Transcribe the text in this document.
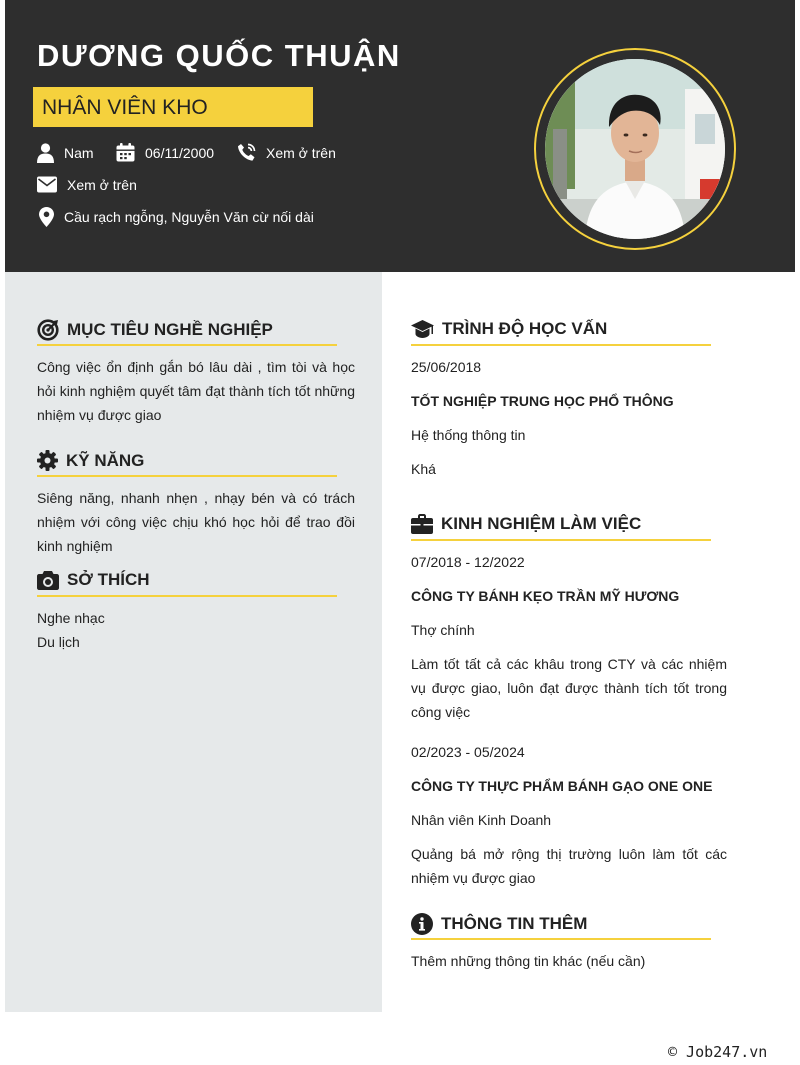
DƯƠNG QUỐC THUẬN
NHÂN VIÊN KHO
Nam	06/11/2000	Xem ở trên
Xem ở trên
Cầu rạch ngỗng, Nguyễn Văn cừ nối dài
MỤC TIÊU NGHỀ NGHIỆP

Công việc ổn định gắn bó lâu dài , tìm tòi và học hỏi kinh nghiệm quyết tâm đạt thành tích tốt những nhiệm vụ được giao

KỸ NĂNG

Siêng năng, nhanh nhẹn , nhạy bén và có trách nhiệm với công việc chịu khó học hỏi để trao đồi kinh nghiệm

SỞ THÍCH
Nghe nhạc
Du lịch
TRÌNH ĐỘ HỌC VẤN
25/06/2018
TỐT NGHIỆP TRUNG HỌC PHỔ THÔNG
Hệ thống thông tin
Khá
KINH NGHIỆM LÀM VIỆC
07/2018 - 12/2022
CÔNG TY BÁNH KẸO TRẦN MỸ HƯƠNG
Thợ chính

Làm tốt tất cả các khâu trong CTY và các nhiệm vụ được giao, luôn đạt được thành tích tốt trong công việc

02/2023 - 05/2024
CÔNG TY THỰC PHẨM BÁNH GẠO ONE ONE
Nhân viên Kinh Doanh

Quảng bá mở rộng thị trường luôn làm tốt các nhiệm vụ được giao

THÔNG TIN THÊM
Thêm những thông tin khác (nếu cần)
© Job247.vn
